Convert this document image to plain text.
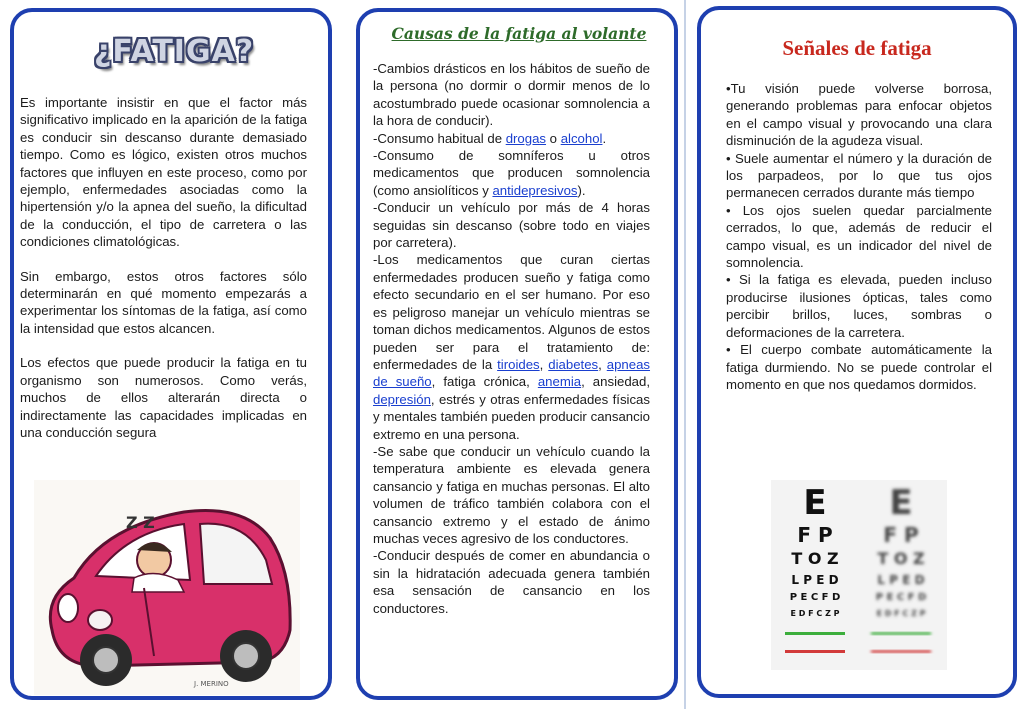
¿FATIGA?

Es importante insistir en que el factor más significativo implicado en la aparición de la fatiga es conducir sin descanso durante demasiado tiempo. Como es lógico, existen otros muchos factores que influyen en este proceso, como por ejemplo, enfermedades asociadas como la hipertensión y/o la apnea del sueño, la dificultad de la conducción, el tipo de carretera o las condiciones climatológicas.

Sin embargo, estos otros factores sólo determinarán en qué momento empezarás a experimentar los síntomas de la fatiga, así como la intensidad que estos alcancen.

Los efectos que puede producir la fatiga en tu organismo son numerosos. Como verás, muchos de ellos alterarán directa o indirectamente las capacidades implicadas en una conducción segura

Z Z
J. MERINO
Causas de la fatiga al volante
-Cambios drásticos en los hábitos de sueño de la persona (no dormir o dormir menos de lo acostumbrado puede ocasionar somnolencia a la hora de conducir).
-Consumo habitual de drogas o alcohol.
-Consumo de somníferos u otros medicamentos que producen somnolencia (como ansiolíticos y antidepresivos).
-Conducir un vehículo por más de 4 horas seguidas sin descanso (sobre todo en viajes por carretera).
-Los medicamentos que curan ciertas enfermedades producen sueño y fatiga como efecto secundario en el ser humano. Por eso es peligroso manejar un vehículo mientras se toman dichos medicamentos. Algunos de estos pueden ser para el tratamiento de: enfermedades de la tiroides, diabetes, apneas de sueño, fatiga crónica, anemia, ansiedad, depresión, estrés y otras enfermedades físicas y mentales también pueden producir cansancio extremo en una persona.
-Se sabe que conducir un vehículo cuando la temperatura ambiente es elevada genera cansancio y fatiga en muchas personas. El alto volumen de tráfico también colabora con el cansancio extremo y el estado de ánimo muchas veces agresivo de los conductores.
-Conducir después de comer en abundancia o sin la hidratación adecuada genera también esa sensación de cansancio en los conductores.
Señales de fatiga
•Tu visión puede volverse borrosa, generando problemas para enfocar objetos en el campo visual y provocando una clara disminución de la agudeza visual.
• Suele aumentar el número y la duración de los parpadeos, por lo que tus ojos permanecen cerrados durante más tiempo
• Los ojos suelen quedar parcialmente cerrados, lo que, además de reducir el campo visual, es un indicador del nivel de somnolencia.
• Si la fatiga es elevada, pueden incluso producirse ilusiones ópticas, tales como percibir brillos, luces, sombras o deformaciones de la carretera.
• El cuerpo combate automáticamente la fatiga durmiendo. No se puede controlar el momento en que nos quedamos dormidos.
E
F P
T O Z
L P E D
P E C F D
E D F C Z P
E
F P
T O Z
L P E D
P E C F D
E D F C Z P
